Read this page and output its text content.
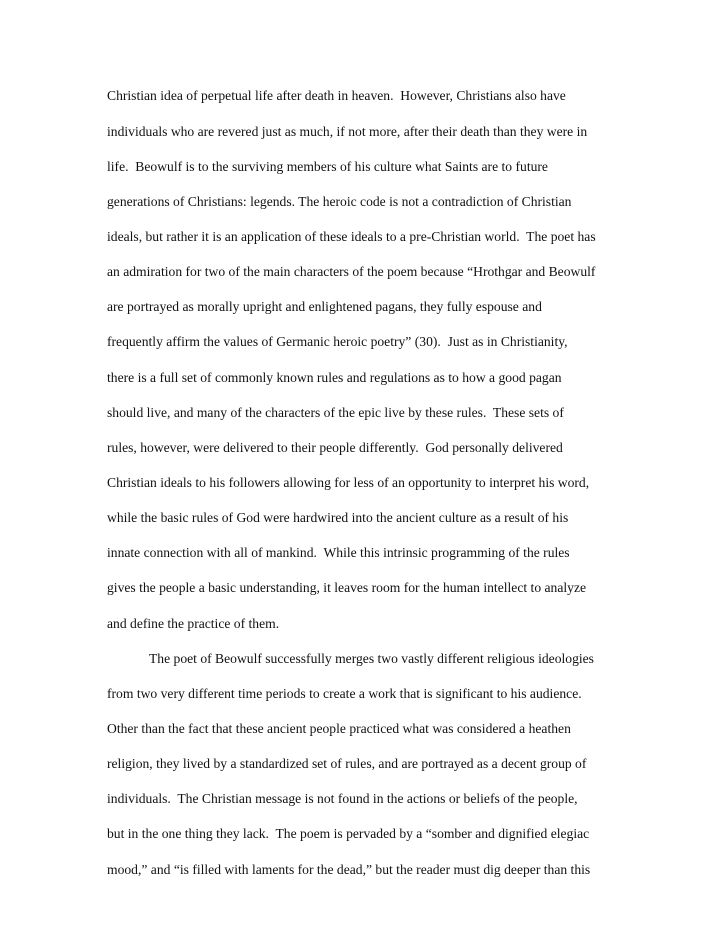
Christian idea of perpetual life after death in heaven.  However, Christians also have
individuals who are revered just as much, if not more, after their death than they were in
life.  Beowulf is to the surviving members of his culture what Saints are to future
generations of Christians: legends. The heroic code is not a contradiction of Christian
ideals, but rather it is an application of these ideals to a pre-Christian world.  The poet has
an admiration for two of the main characters of the poem because “Hrothgar and Beowulf
are portrayed as morally upright and enlightened pagans, they fully espouse and
frequently affirm the values of Germanic heroic poetry” (30).  Just as in Christianity,
there is a full set of commonly known rules and regulations as to how a good pagan
should live, and many of the characters of the epic live by these rules.  These sets of
rules, however, were delivered to their people differently.  God personally delivered
Christian ideals to his followers allowing for less of an opportunity to interpret his word,
while the basic rules of God were hardwired into the ancient culture as a result of his
innate connection with all of mankind.  While this intrinsic programming of the rules
gives the people a basic understanding, it leaves room for the human intellect to analyze
and define the practice of them.
The poet of Beowulf successfully merges two vastly different religious ideologies
from two very different time periods to create a work that is significant to his audience.
Other than the fact that these ancient people practiced what was considered a heathen
religion, they lived by a standardized set of rules, and are portrayed as a decent group of
individuals.  The Christian message is not found in the actions or beliefs of the people,
but in the one thing they lack.  The poem is pervaded by a “somber and dignified elegiac
mood,” and “is filled with laments for the dead,” but the reader must dig deeper than this
